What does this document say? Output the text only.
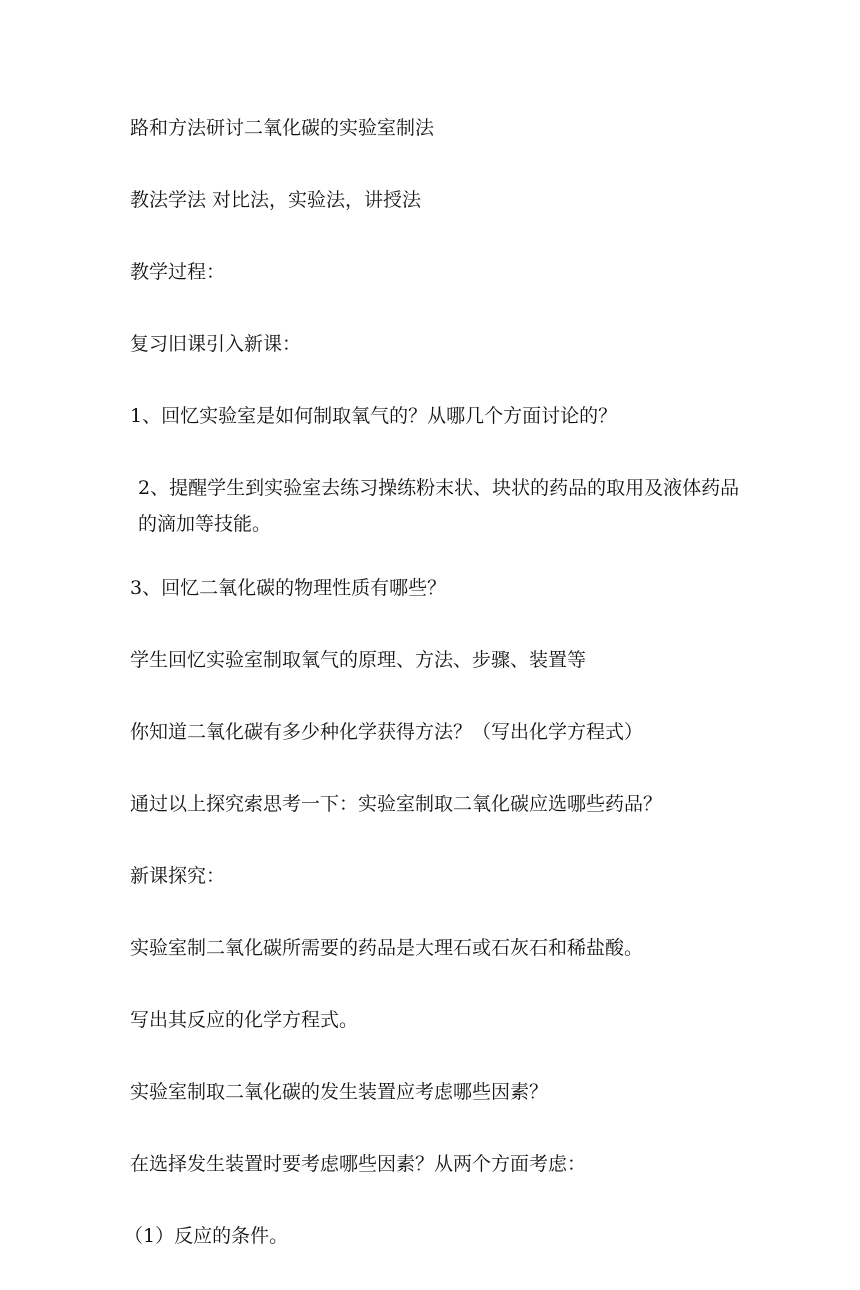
路和方法研讨二氧化碳的实验室制法

教法学法 对比法，实验法，讲授法

教学过程：

复习旧课引入新课：

1、回忆实验室是如何制取氧气的？从哪几个方面讨论的？

2、提醒学生到实验室去练习操练粉末状、块状的药品的取用及液体药品的滴加等技能。

3、回忆二氧化碳的物理性质有哪些？

学生回忆实验室制取氧气的原理、方法、步骤、装置等

你知道二氧化碳有多少种化学获得方法？（写出化学方程式）

通过以上探究索思考一下：实验室制取二氧化碳应选哪些药品？

新课探究：

实验室制二氧化碳所需要的药品是大理石或石灰石和稀盐酸。

写出其反应的化学方程式。

实验室制取二氧化碳的发生装置应考虑哪些因素？

在选择发生装置时要考虑哪些因素？从两个方面考虑：

（1）反应的条件。
